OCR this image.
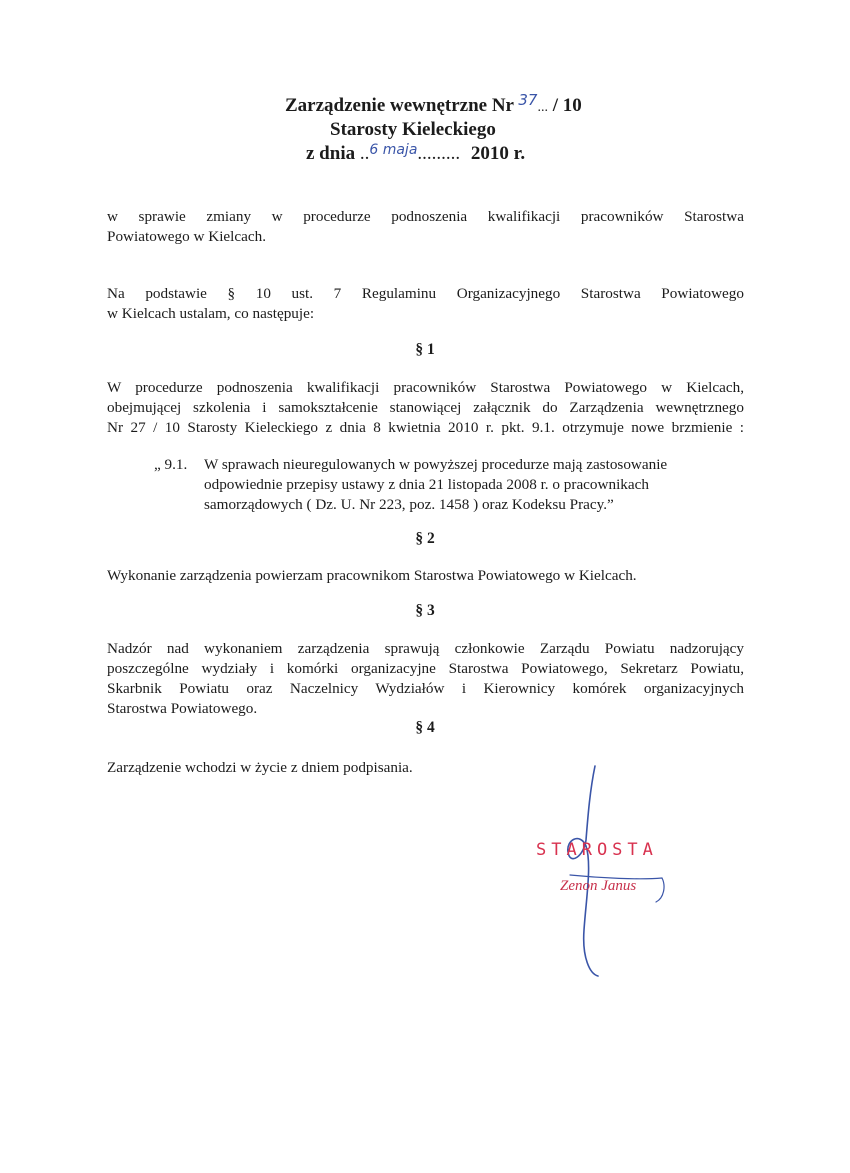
Zarządzenie wewnętrzne Nr $^{37}$... / 10
Starosty Kieleckiego
z dnia ..$^{6 maja}$......... 2010 r.
w sprawie zmiany w procedurze podnoszenia kwalifikacji pracowników Starostwa
Powiatowego w Kielcach.
Na podstawie § 10 ust. 7 Regulaminu Organizacyjnego Starostwa Powiatowego
w Kielcach ustalam, co następuje:
§ 1
W procedurze podnoszenia kwalifikacji pracowników Starostwa Powiatowego w Kielcach,
obejmującej szkolenia i samokształcenie stanowiącej załącznik do Zarządzenia wewnętrznego
Nr 27 / 10 Starosty Kieleckiego z dnia 8 kwietnia 2010 r. pkt. 9.1. otrzymuje nowe brzmienie :
„ 9.1. W sprawach nieuregulowanych w powyższej procedurze mają zastosowanie
odpowiednie przepisy ustawy z dnia 21 listopada 2008 r. o pracownikach
samorządowych ( Dz. U. Nr 223, poz. 1458 ) oraz Kodeksu Pracy.”
§ 2
Wykonanie zarządzenia powierzam pracownikom Starostwa Powiatowego w Kielcach.
§ 3
Nadzór nad wykonaniem zarządzenia sprawują członkowie Zarządu Powiatu nadzorujący
poszczególne wydziały i komórki organizacyjne Starostwa Powiatowego, Sekretarz Powiatu,
Skarbnik Powiatu oraz Naczelnicy Wydziałów i Kierownicy komórek organizacyjnych
Starostwa Powiatowego.
§ 4
Zarządzenie wchodzi w życie z dniem podpisania.
STAROSTA
Zenon Janus
